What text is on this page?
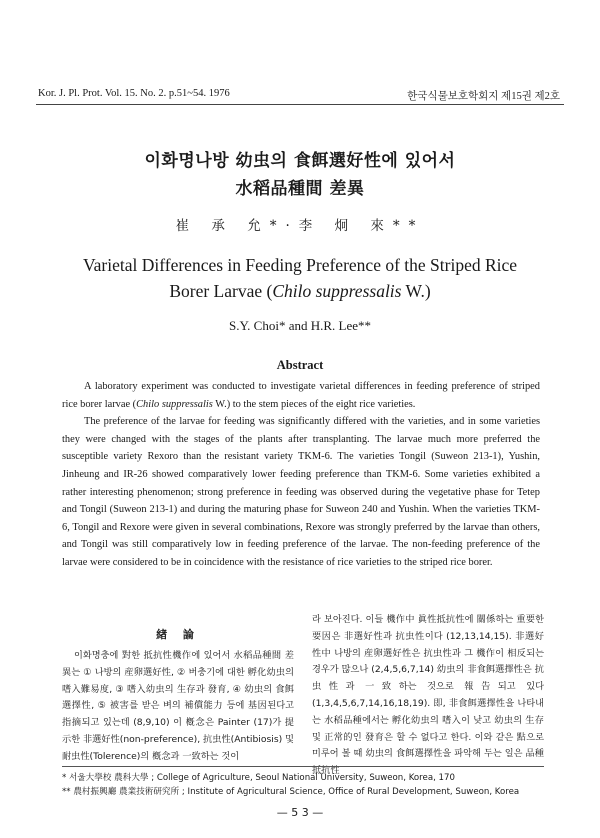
Kor. J. Pl. Prot. Vol. 15. No. 2. p.51~54. 1976	한국식물보호학회지 제15권 제2호
이화명나방 幼虫의 食餌選好性에 있어서
水稻品種間 差異
崔 承 允*·李 炯 來**
Varietal Differences in Feeding Preference of the Striped Rice
Borer Larvae (Chilo suppressalis W.)
S.Y. Choi* and H.R. Lee**
Abstract

A laboratory experiment was conducted to investigate varietal differences in feeding preference of striped rice borer larvae (Chilo suppressalis W.) to the stem pieces of the eight rice varieties.

The preference of the larvae for feeding was significantly differed with the varieties, and in some varieties they were changed with the stages of the plants after transplanting. The larvae much more preferred the susceptible variety Rexoro than the resistant variety TKM-6. The varieties Tongil (Suweon 213-1), Yushin, Jinheung and IR-26 showed comparatively lower feeding preference than TKM-6. Some varieties exhibited a rather interesting phenomenon; strong preference in feeding was observed during the vegetative phase for Tetep and Tongil (Suweon 213-1) and during the maturing phase for Suweon 240 and Yushin. When the varieties TKM-6, Tongil and Rexore were given in several combinations, Rexore was strongly preferred by the larvae than others, and Tongil was still comparatively low in feeding preference of the larvae. The non-feeding preference of the larvae were considered to be in coincidence with the resistance of rice varieties to the striped rice borer.

緖 論

이화명충에 對한 抵抗性機作에 있어서 水稻品種間 差異는 ① 나방의 産卵選好性, ② 버충기에 대한 孵化幼虫의 嗜入難易度, ③ 嗜入幼虫의 生存과 發育, ④ 幼虫의 食餌選擇性, ⑤ 被害를 받은 벼의 補償能力 등에 基因된다고 指摘되고 있는데 (8,9,10) 이 槪念은 Painter (17)가 提示한 非選好性(non-preference), 抗虫性(Antibiosis) 및 耐虫性(Tolerence)의 槪念과 一致하는 것이

라 보아진다. 이들 機作中 眞性抵抗性에 關係하는 重要한 要因은 非選好性과 抗虫性이다 (12,13,14,15). 非選好性中 나방의 産卵選好性은 抗虫性과 그 機作이 相反되는 경우가 많으나 (2,4,5,6,7,14) 幼虫의 非食餌選擇性은 抗虫性과 一致하는 것으로 報告되고 있다 (1,3,4,5,6,7,14,16,18,19). 即, 非食餌選擇性을 나타내는 水稻品種에서는 孵化幼虫의 嗜入이 낮고 幼虫의 生存 및 正常的인 發育은 할 수 없다고 한다. 이와 같은 點으로 미루어 볼 때 幼虫의 食餌選擇性을 파악해 두는 일은 品種抵抗性

* 서울大學校 農科大學 ; College of Agriculture, Seoul National University, Suweon, Korea, 170
** 農村振興廳 農業技術研究所 ; Institute of Agricultural Science, Office of Rural Development, Suweon, Korea
— 5 3 —
